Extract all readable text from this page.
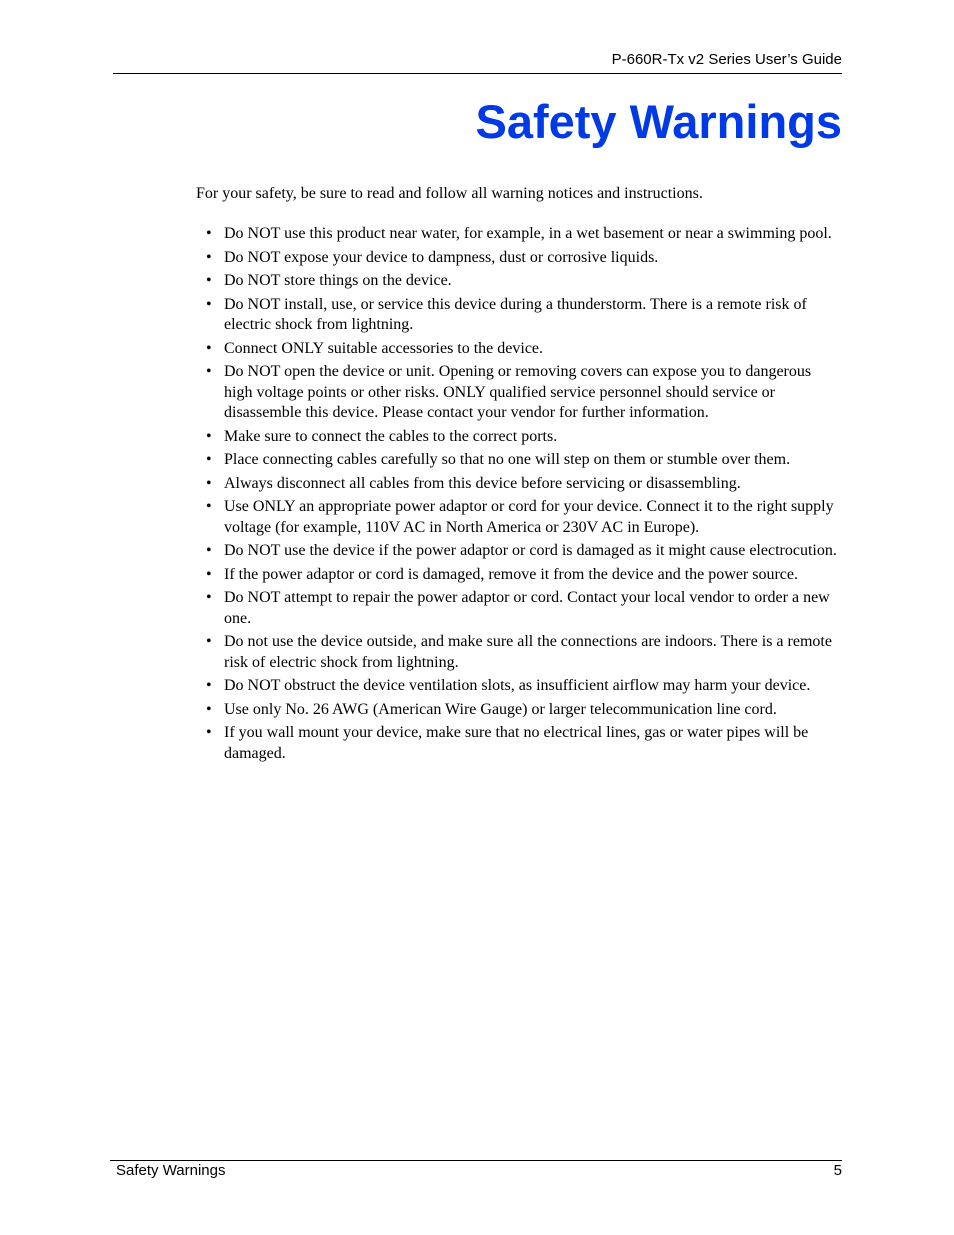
P-660R-Tx v2 Series User’s Guide
Safety Warnings

For your safety, be sure to read and follow all warning notices and instructions.

• Do NOT use this product near water, for example, in a wet basement or near a swimming pool.
• Do NOT expose your device to dampness, dust or corrosive liquids.
• Do NOT store things on the device.
• Do NOT install, use, or service this device during a thunderstorm. There is a remote risk of electric shock from lightning.
• Connect ONLY suitable accessories to the device.
• Do NOT open the device or unit. Opening or removing covers can expose you to dangerous high voltage points or other risks. ONLY qualified service personnel should service or disassemble this device. Please contact your vendor for further information.
• Make sure to connect the cables to the correct ports.
• Place connecting cables carefully so that no one will step on them or stumble over them.
• Always disconnect all cables from this device before servicing or disassembling.
• Use ONLY an appropriate power adaptor or cord for your device. Connect it to the right supply voltage (for example, 110V AC in North America or 230V AC in Europe).
• Do NOT use the device if the power adaptor or cord is damaged as it might cause electrocution.
• If the power adaptor or cord is damaged, remove it from the device and the power source.
• Do NOT attempt to repair the power adaptor or cord. Contact your local vendor to order a new one.
• Do not use the device outside, and make sure all the connections are indoors. There is a remote risk of electric shock from lightning.
• Do NOT obstruct the device ventilation slots, as insufficient airflow may harm your device.
• Use only No. 26 AWG (American Wire Gauge) or larger telecommunication line cord.
• If you wall mount your device, make sure that no electrical lines, gas or water pipes will be damaged.
Safety Warnings	5
